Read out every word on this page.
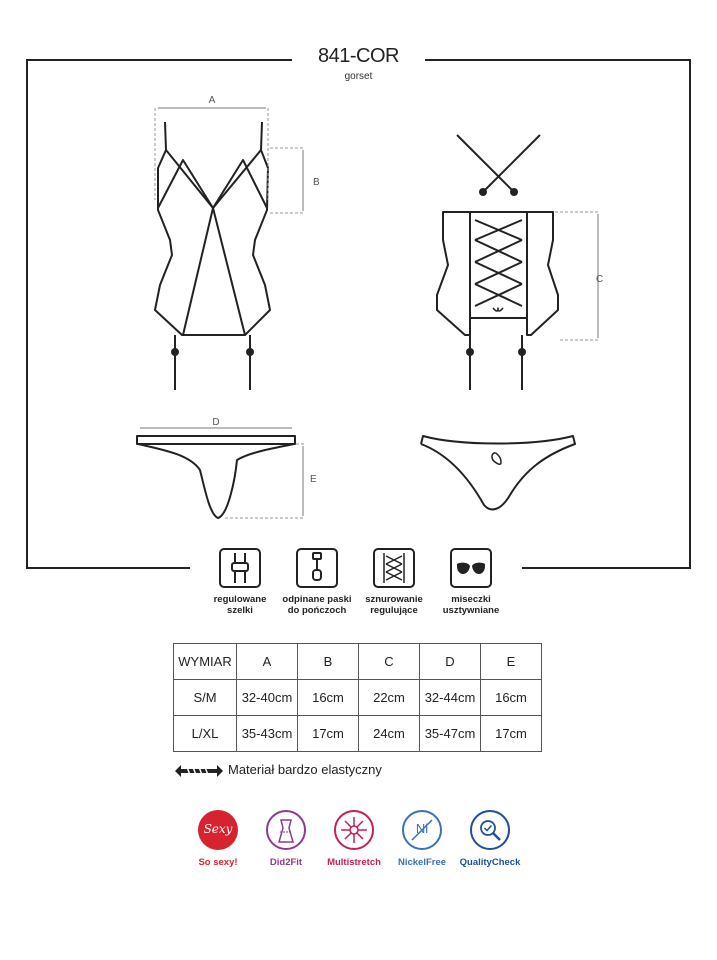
A
B
C
D
E
841-COR
gorset
regulowane
szelki
odpinane paski
do pończoch
sznurowanie
regulujące
miseczki
usztywniane
WYMIAR	A	B	C	D	E
S/M	32-40cm	16cm	22cm	32-44cm	16cm
L/XL	35-43cm	17cm	24cm	35-47cm	17cm
Materiał bardzo elastyczny
Sexy
So sexy!	Did2Fit	Multistretch
Ni
NickelFree	QualityCheck
